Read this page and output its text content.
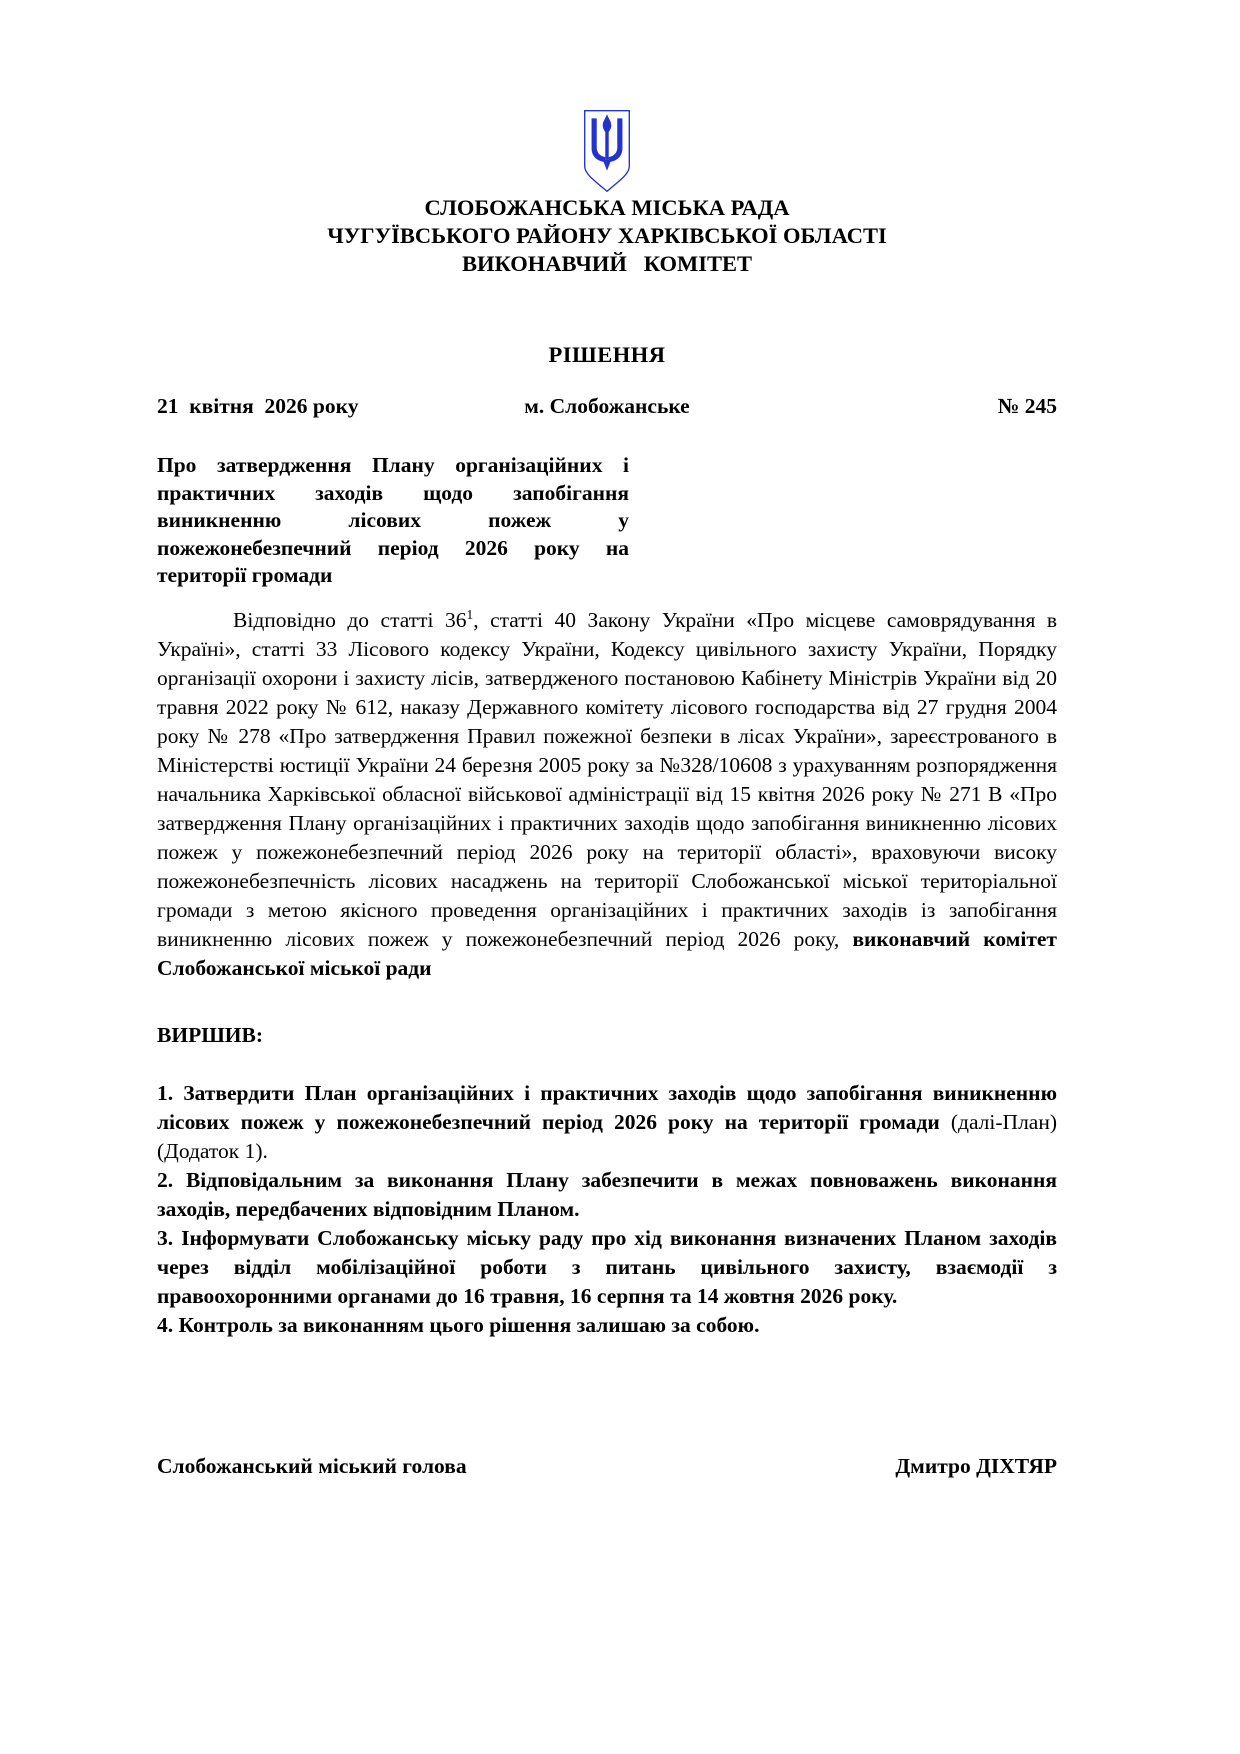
СЛОБОЖАНСЬКА МІСЬКА РАДА
ЧУГУЇВСЬКОГО РАЙОНУ ХАРКІВСЬКОЇ ОБЛАСТІ
ВИКОНАВЧИЙ   КОМІТЕТ
РІШЕННЯ
21  квітня  2026 року	м. Слобожанське	№ 245
Про затвердження Плану організаційних і практичних заходів щодо запобігання виникненню лісових пожеж у пожежонебезпечний період 2026 року на території громади

Відповідно до статті $36^1$, статті 40 Закону України «Про місцеве самоврядування в Україні», статті 33 Лісового кодексу України, Кодексу цивільного захисту України, Порядку організації охорони і захисту лісів, затвердженого постановою Кабінету Міністрів України від 20 травня 2022 року № 612, наказу Державного комітету лісового господарства від 27 грудня 2004 року № 278 «Про затвердження Правил пожежної безпеки в лісах України», зареєстрованого в Міністерстві юстиції України 24 березня 2005 року за №328/10608 з урахуванням розпорядження начальника Харківської обласної військової адміністрації від 15 квітня 2026 року № 271 В «Про затвердження Плану організаційних і практичних заходів щодо запобігання виникненню лісових пожеж у пожежонебезпечний період 2026 року на території області», враховуючи високу пожежонебезпечність лісових насаджень на території Слобожанської міської територіальної громади з метою якісного проведення організаційних і практичних заходів із запобігання виникненню лісових пожеж у пожежонебезпечний період 2026 року, виконавчий комітет Слобожанської міської ради

ВИРШИВ:

1. Затвердити План організаційних і практичних заходів щодо запобігання виникненню лісових пожеж у пожежонебезпечний період 2026 року на території громади (далі-План) (Додаток 1).

2. Відповідальним за виконання Плану забезпечити в межах повноважень виконання заходів, передбачених відповідним Планом.

3. Інформувати Слобожанську міську раду про хід виконання визначених Планом заходів через відділ мобілізаційної роботи з питань цивільного захисту, взаємодії з правоохоронними органами до 16 травня, 16 серпня та 14 жовтня 2026 року.

4. Контроль за виконанням цього рішення залишаю за собою.

Слобожанський міський голова	Дмитро ДІХТЯР
